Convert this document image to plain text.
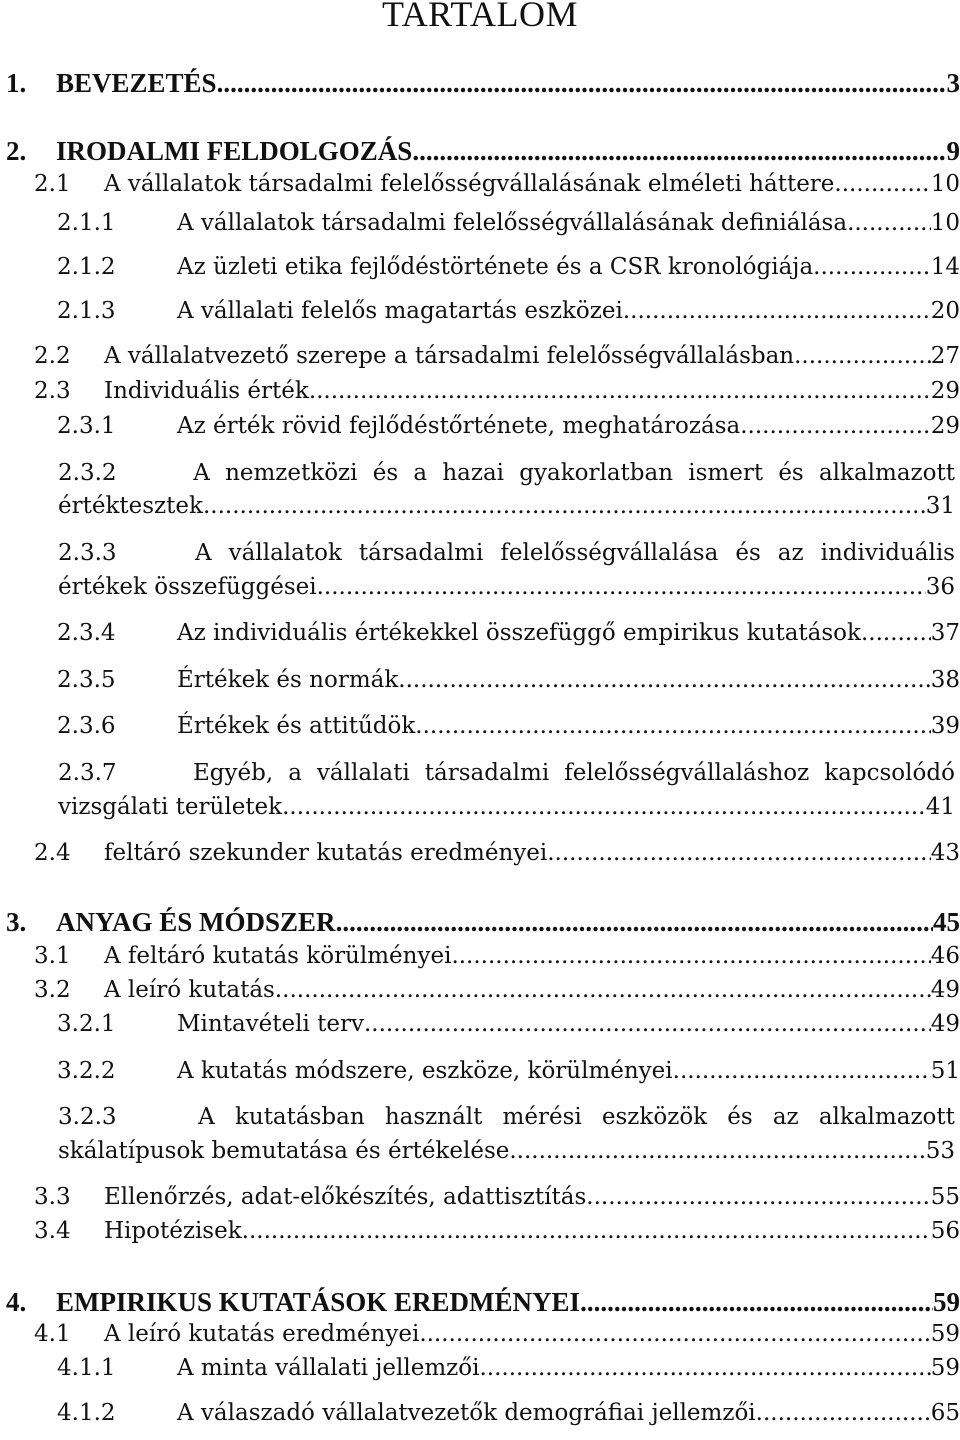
TARTALOM
1.	BEVEZETÉS .....	3
2.	IRODALMI FELDOLGOZÁS .....	9
2.1	A vállalatok társadalmi felelősségvállalásának elméleti háttere .....	10
2.1.1	A vállalatok társadalmi felelősségvállalásának definiálása .....	10
2.1.2	Az üzleti etika fejlődéstörténete és a CSR kronológiája .....	14
2.1.3	A vállalati felelős magatartás eszközei .....	20
2.2	A vállalatvezető szerepe a társadalmi felelősségvállalásban .....	27
2.3	Individuális érték .....	29
2.3.1	Az érték rövid fejlődéstőrténete, meghatározása .....	29
2.3.2	A nemzetközi és a hazai gyakorlatban ismert és alkalmazott
értéktesztek .....	31
2.3.3	A vállalatok társadalmi felelősségvállalása és az individuális
értékek összefüggései .....	36
2.3.4	Az individuális értékekkel összefüggő empirikus kutatások .....	37
2.3.5	Értékek és normák .....	38
2.3.6	Értékek és attitűdök .....	39
2.3.7	Egyéb, a vállalati társadalmi felelősségvállaláshoz kapcsolódó
vizsgálati területek .....	41
2.4	feltáró szekunder kutatás eredményei .....	43
3.	ANYAG ÉS MÓDSZER .....	45
3.1	A feltáró kutatás körülményei .....	46
3.2	A leíró kutatás .....	49
3.2.1	Mintavételi terv .....	49
3.2.2	A kutatás módszere, eszköze, körülményei .....	51
3.2.3	A kutatásban használt mérési eszközök és az alkalmazott
skálatípusok bemutatása és értékelése .....	53
3.3	Ellenőrzés, adat-előkészítés, adattisztítás .....	55
3.4	Hipotézisek .....	56
4.	EMPIRIKUS KUTATÁSOK EREDMÉNYEI .....	59
4.1	A leíró kutatás eredményei .....	59
4.1.1	A minta vállalati jellemzői .....	59
4.1.2	A válaszadó vállalatvezetők demográfiai jellemzői .....	65
